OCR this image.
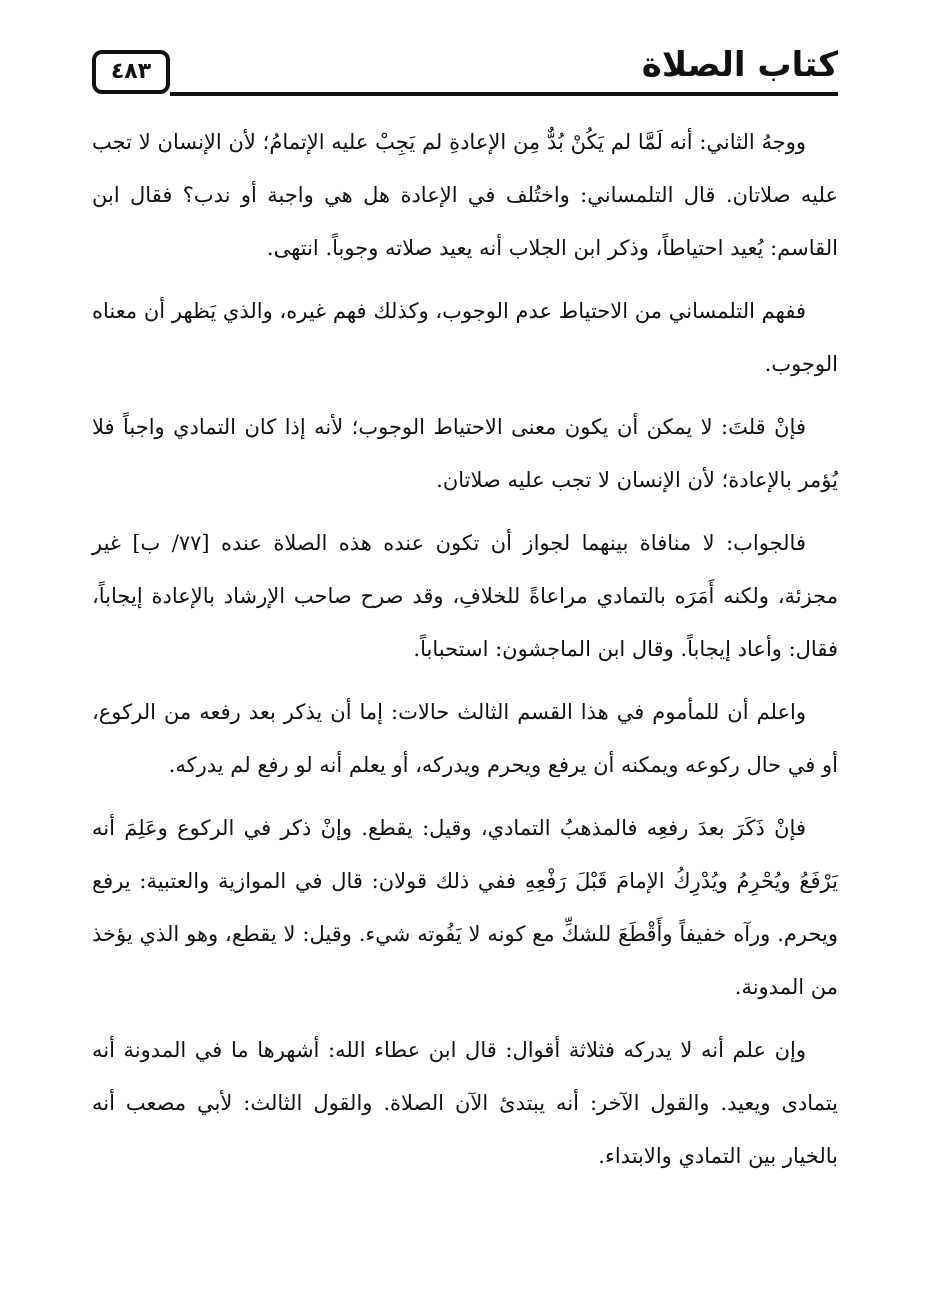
٤٨٣	كتاب الصلاة

ووجهُ الثاني: أنه لَمَّا لم يَكُنْ بُدٌّ مِن الإعادةِ لم يَجِبْ عليه الإتمامُ؛ لأن الإنسان لا تجب عليه صلاتان. قال التلمساني: واختُلف في الإعادة هل هي واجبة أو ندب؟ فقال ابن القاسم: يُعيد احتياطاً، وذكر ابن الجلاب أنه يعيد صلاته وجوباً. انتهى.

ففهم التلمساني من الاحتياط عدم الوجوب، وكذلك فهم غيره، والذي يَظهر أن معناه الوجوب.

فإنْ قلتَ: لا يمكن أن يكون معنى الاحتياط الوجوب؛ لأنه إذا كان التمادي واجباً فلا يُؤمر بالإعادة؛ لأن الإنسان لا تجب عليه صلاتان.

فالجواب: لا منافاة بينهما لجواز أن تكون عنده هذه الصلاة عنده [٧٧/ ب] غير مجزئة، ولكنه أَمَرَه بالتمادي مراعاةً للخلافِ، وقد صرح صاحب الإرشاد بالإعادة إيجاباً، فقال: وأعاد إيجاباً. وقال ابن الماجشون: استحباباً.

واعلم أن للمأموم في هذا القسم الثالث حالات: إما أن يذكر بعد رفعه من الركوع، أو في حال ركوعه ويمكنه أن يرفع ويحرم ويدركه، أو يعلم أنه لو رفع لم يدركه.

فإنْ ذَكَرَ بعدَ رفعِه فالمذهبُ التمادي، وقيل: يقطع. وإنْ ذكر في الركوع وعَلِمَ أنه يَرْفَعُ ويُحْرِمُ ويُدْرِكُ الإمامَ قَبْلَ رَفْعِهِ ففي ذلك قولان: قال في الموازية والعتبية: يرفع ويحرم. ورآه خفيفاً وأَقْطَعَ للشكِّ مع كونه لا يَفُوته شيء. وقيل: لا يقطع، وهو الذي يؤخذ من المدونة.

وإن علم أنه لا يدركه فثلاثة أقوال: قال ابن عطاء الله: أشهرها ما في المدونة أنه يتمادى ويعيد. والقول الآخر: أنه يبتدئ الآن الصلاة. والقول الثالث: لأبي مصعب أنه بالخيار بين التمادي والابتداء.
